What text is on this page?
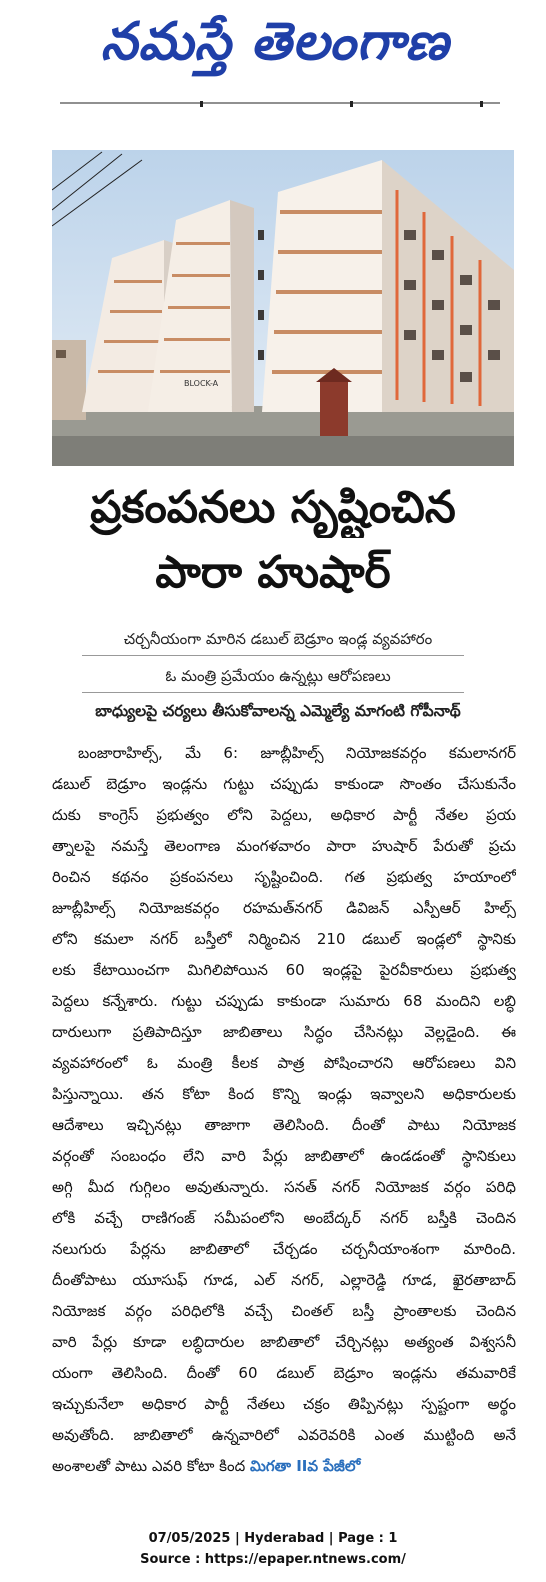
నమస్తే తెలంగాణ
BLOCK-A
ప్రకంపనలు సృష్టించిన
పారా హుషార్
చర్చనీయంగా మారిన డబుల్ బెడ్రూం ఇండ్ల వ్యవహారం
ఓ మంత్రి ప్రమేయం ఉన్నట్లు ఆరోపణలు
బాధ్యులపై చర్యలు తీసుకోవాలన్న ఎమ్మెల్యే మాగంటి గోపీనాథ్
బంజారాహిల్స్, మే 6: జూబ్లీహిల్స్ నియోజకవర్గం కమలానగర్
డబుల్ బెడ్రూం ఇండ్లను గుట్టు చప్పుడు కాకుండా సొంతం చేసుకునేం
దుకు కాంగ్రెస్ ప్రభుత్వం లోని పెద్దలు, అధికార పార్టీ నేతల ప్రయ
త్నాలపై నమస్తే తెలంగాణ మంగళవారం పారా హుషార్ పేరుతో ప్రచు
రించిన కథనం ప్రకంపనలు సృష్టించింది. గత ప్రభుత్వ హయాంలో
జూబ్లీహిల్స్ నియోజకవర్గం రహమత్‌నగర్ డివిజన్ ఎస్పీఆర్ హిల్స్
లోని కమలా నగర్ బస్తీలో నిర్మించిన 210 డబుల్ ఇండ్లలో స్థానికు
లకు కేటాయించగా మిగిలిపోయిన 60 ఇండ్లపై పైరవీకారులు ప్రభుత్వ
పెద్దలు కన్నేశారు. గుట్టు చప్పుడు కాకుండా సుమారు 68 మందిని లబ్ధి
దారులుగా ప్రతిపాదిస్తూ జాబితాలు సిద్ధం చేసినట్లు వెల్లడైంది. ఈ
వ్యవహారంలో ఓ మంత్రి కీలక పాత్ర పోషించారని ఆరోపణలు విని
పిస్తున్నాయి. తన కోటా కింద కొన్ని ఇండ్లు ఇవ్వాలని అధికారులకు
ఆదేశాలు ఇచ్చినట్లు తాజాగా తెలిసింది. దీంతో పాటు నియోజక
వర్గంతో సంబంధం లేని వారి పేర్లు జాబితాలో ఉండడంతో స్థానికులు
అగ్గి మీద గుగ్గిలం అవుతున్నారు. సనత్ నగర్ నియోజక వర్గం పరిధి
లోకి వచ్చే రాణిగంజ్ సమీపంలోని అంబేద్కర్ నగర్ బస్తీకి చెందిన
నలుగురు పేర్లను జాబితాలో చేర్చడం చర్చనీయాంశంగా మారింది.
దీంతోపాటు యూసుఫ్ గూడ, ఎల్ నగర్, ఎల్లారెడ్డి గూడ, ఖైరతాబాద్
నియోజక వర్గం పరిధిలోకి వచ్చే చింతల్ బస్తీ ప్రాంతాలకు చెందిన
వారి పేర్లు కూడా లబ్ధిదారుల జాబితాలో చేర్చినట్లు అత్యంత విశ్వసనీ
యంగా తెలిసింది. దీంతో 60 డబుల్ బెడ్రూం ఇండ్లను తమవారికే
ఇచ్చుకునేలా అధికార పార్టీ నేతలు చక్రం తిప్పినట్లు స్పష్టంగా అర్థం
అవుతోంది. జాబితాలో ఉన్నవారిలో ఎవరెవరికి ఎంత ముట్టింది అనే
అంశాలతో పాటు ఎవరి కోటా కింద మిగతా IIవ పేజీలో
07/05/2025 | Hyderabad | Page : 1
Source : https://epaper.ntnews.com/
